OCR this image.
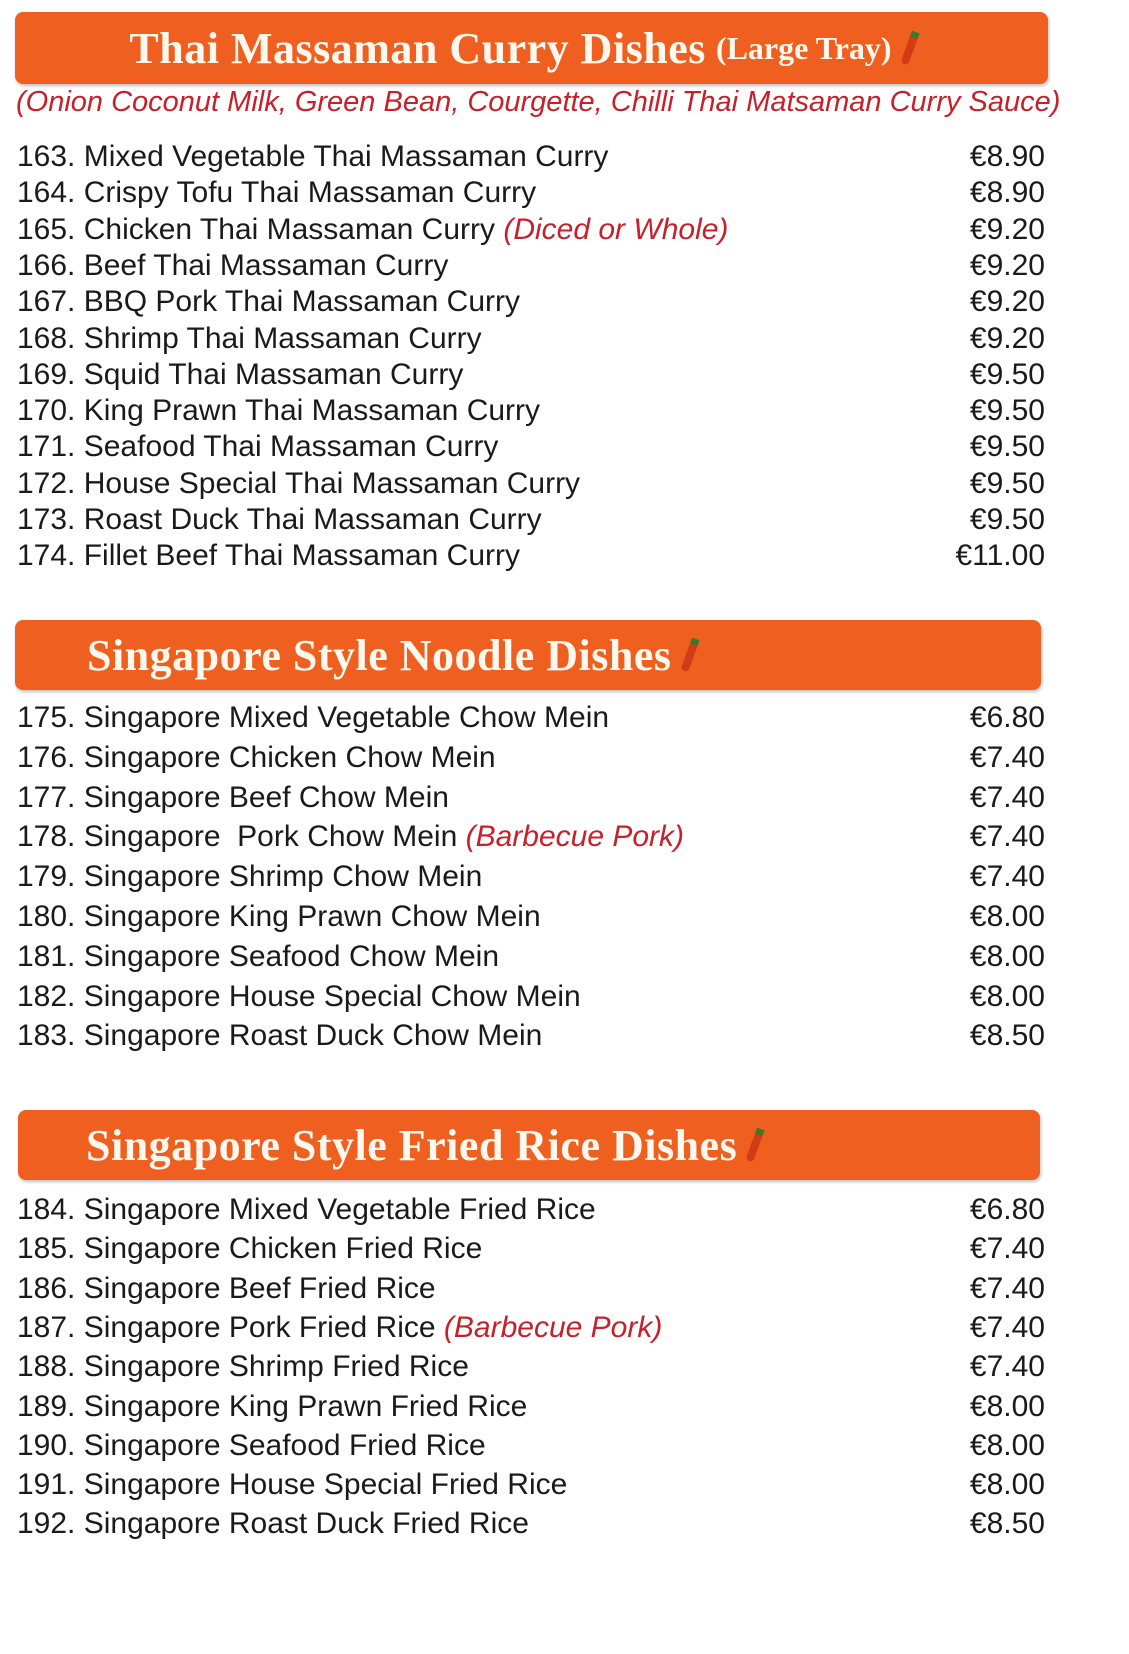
Thai Massaman Curry Dishes (Large Tray)
(Onion Coconut Milk, Green Bean, Courgette, Chilli Thai Matsaman Curry Sauce)
163. Mixed Vegetable Thai Massaman Curry	€8.90
164. Crispy Tofu Thai Massaman Curry	€8.90
165. Chicken Thai Massaman Curry (Diced or Whole)	€9.20
166. Beef Thai Massaman Curry	€9.20
167. BBQ Pork Thai Massaman Curry	€9.20
168. Shrimp Thai Massaman Curry	€9.20
169. Squid Thai Massaman Curry	€9.50
170. King Prawn Thai Massaman Curry	€9.50
171. Seafood Thai Massaman Curry	€9.50
172. House Special Thai Massaman Curry	€9.50
173. Roast Duck Thai Massaman Curry	€9.50
174. Fillet Beef Thai Massaman Curry	€11.00
Singapore Style Noodle Dishes
175. Singapore Mixed Vegetable Chow Mein	€6.80
176. Singapore Chicken Chow Mein	€7.40
177. Singapore Beef Chow Mein	€7.40
178. Singapore  Pork Chow Mein (Barbecue Pork)	€7.40
179. Singapore Shrimp Chow Mein	€7.40
180. Singapore King Prawn Chow Mein	€8.00
181. Singapore Seafood Chow Mein	€8.00
182. Singapore House Special Chow Mein	€8.00
183. Singapore Roast Duck Chow Mein	€8.50
Singapore Style Fried Rice Dishes
184. Singapore Mixed Vegetable Fried Rice	€6.80
185. Singapore Chicken Fried Rice	€7.40
186. Singapore Beef Fried Rice	€7.40
187. Singapore Pork Fried Rice (Barbecue Pork)	€7.40
188. Singapore Shrimp Fried Rice	€7.40
189. Singapore King Prawn Fried Rice	€8.00
190. Singapore Seafood Fried Rice	€8.00
191. Singapore House Special Fried Rice	€8.00
192. Singapore Roast Duck Fried Rice	€8.50
